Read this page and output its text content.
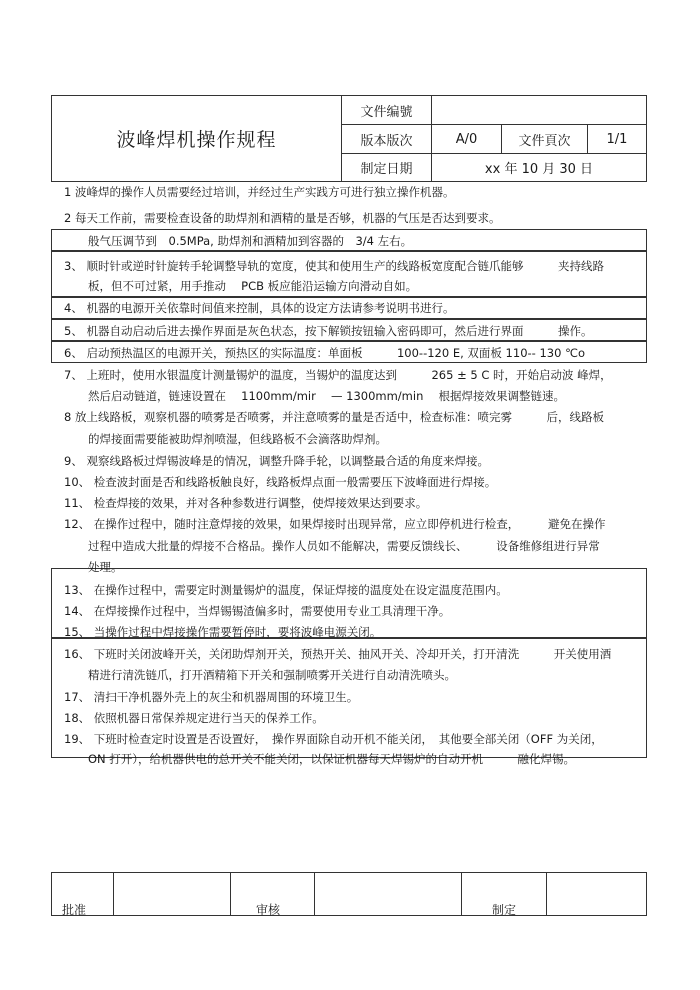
波峰焊机操作规程
文件编號
版本版次	A/0	文件頁次	1/1
制定日期	xx 年 10 月 30 日
1 波峰焊的操作人员需要经过培训，并经过生产实践方可进行独立操作机器。
2 每天工作前，需要检查设备的助焊剂和酒精的量是否够，机器的气压是否达到要求。
般气压调节到　0.5MPa, 助焊剂和酒精加到容器的　3/4 左右。
3、 顺时针或逆时针旋转手轮调整导轨的宽度，使其和使用生产的线路板宽度配合链爪能够　　　夹持线路
板，但不可过紧，用手推动　 PCB 板应能沿运输方向滑动自如。
4、 机器的电源开关依靠时间值来控制，具体的设定方法请参考说明书进行。
5、 机器自动启动后进去操作界面是灰色状态，按下解锁按钮输入密码即可，然后进行界面　　　操作。
6、 启动预热温区的电源开关，预热区的实际温度：单面板　　　100--120 E, 双面板 110-- 130 ℃o
7、 上班时，使用水银温度计测量锡炉的温度，当锡炉的温度达到　　　265 ± 5 C 时，开始启动波 峰焊，
然后启动链道，链速设置在　 1100mm/mir 　— 1300mm/min　 根据焊接效果调整链速。
8 放上线路板，观察机器的喷雾是否喷雾，并注意喷雾的量是否适中，检查标准：喷完雾　　　后，线路板
的焊接面需要能被助焊剂喷湿，但线路板不会滴落助焊剂。
9、 观察线路板过焊锡波峰是的情况，调整升降手轮，以调整最合适的角度来焊接。
10、 检查波封面是否和线路板触良好，线路板焊点面一般需要压下波峰面进行焊接。
11、 检查焊接的效果，并对各种参数进行调整，使焊接效果达到要求。
12、 在操作过程中，随时注意焊接的效果，如果焊接时出现异常，应立即停机进行检查，　　　避免在操作
过程中造成大批量的焊接不合格品。操作人员如不能解决，需要反馈线长、　　　设备维修组进行异常
处理。
13、 在操作过程中，需要定时测量锡炉的温度，保证焊接的温度处在设定温度范围内。
14、 在焊接操作过程中，当焊锡锡渣偏多时，需要使用专业工具清理干净。
15、 当操作过程中焊接操作需要暂停时，要将波峰电源关闭。
16、 下班时关闭波峰开关，关闭助焊剂开关，预热开关、抽风开关、冷却开关，打开清洗　　　开关使用酒
精进行清洗链爪，打开酒精箱下开关和强制喷雾开关进行自动清洗喷头。
17、 清扫干净机器外壳上的灰尘和机器周围的环境卫生。
18、 依照机器日常保养规定进行当天的保养工作。
19、 下班时检查定时设置是否设置好，　操作界面除自动开机不能关闭，　其他要全部关闭（OFF 为关闭，
ON 打开），给机器供电的总开关不能关闭，以保证机器每天焊锡炉的自动开机　　　融化焊锡。
批准	审核	制定
